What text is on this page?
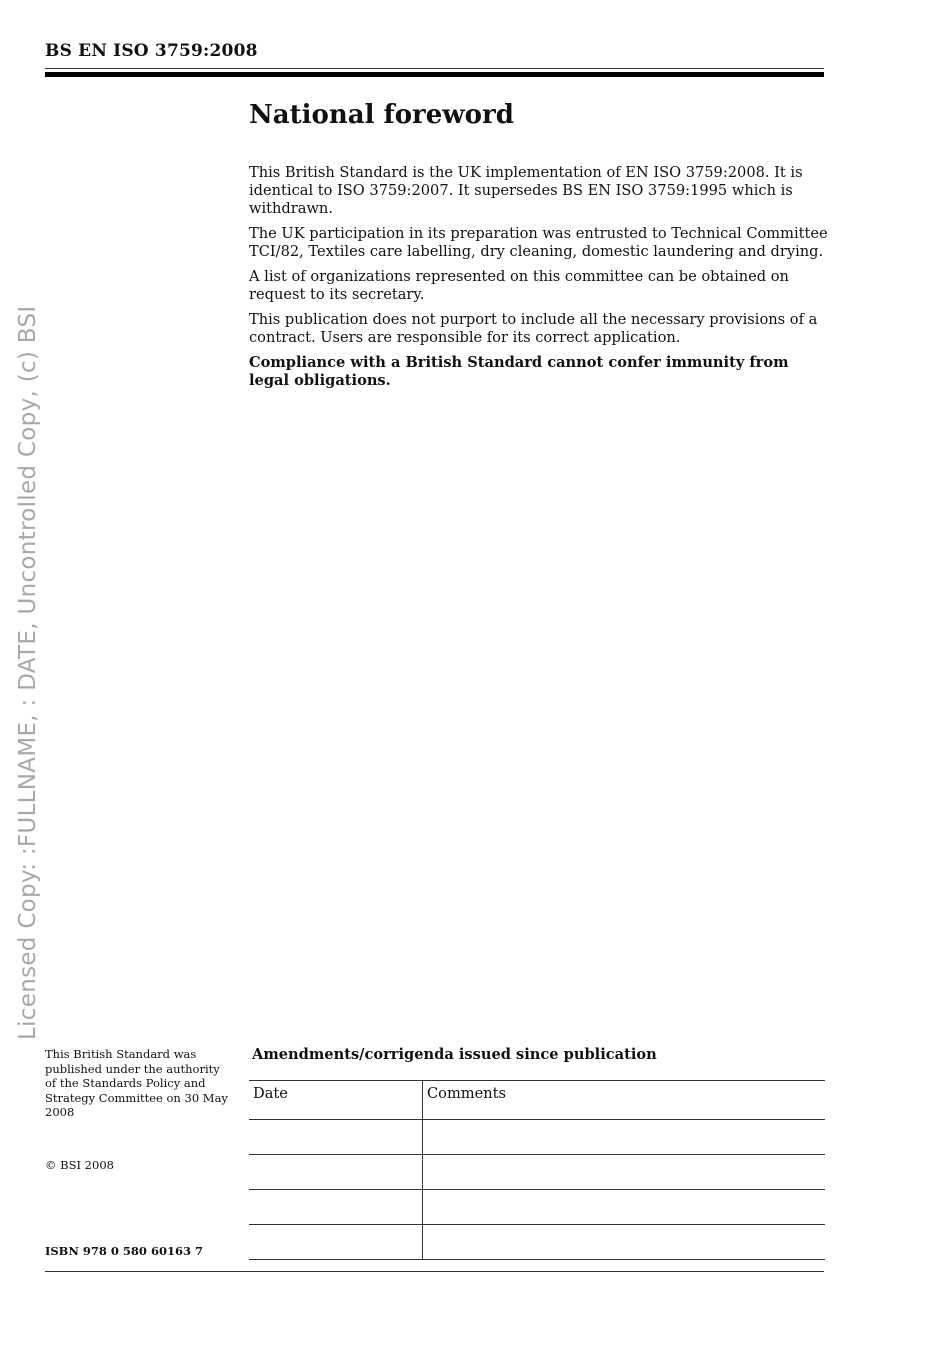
BS EN ISO 3759:2008
National foreword

This British Standard is the UK implementation of EN ISO 3759:2008. It is identical to ISO 3759:2007. It supersedes BS EN ISO 3759:1995 which is withdrawn.

The UK participation in its preparation was entrusted to Technical Committee TCI/82, Textiles care labelling, dry cleaning, domestic laundering and drying.

A list of organizations represented on this committee can be obtained on request to its secretary.

This publication does not purport to include all the necessary provisions of a contract. Users are responsible for its correct application.

Compliance with a British Standard cannot confer immunity from legal obligations.

Licensed Copy: :FULLNAME, : DATE, Uncontrolled Copy, (c) BSI
This British Standard was published under the authority of the Standards Policy and Strategy Committee on 30 May 2008
© BSI 2008
ISBN 978 0 580 60163 7
Amendments/corrigenda issued since publication
Date	Comments
